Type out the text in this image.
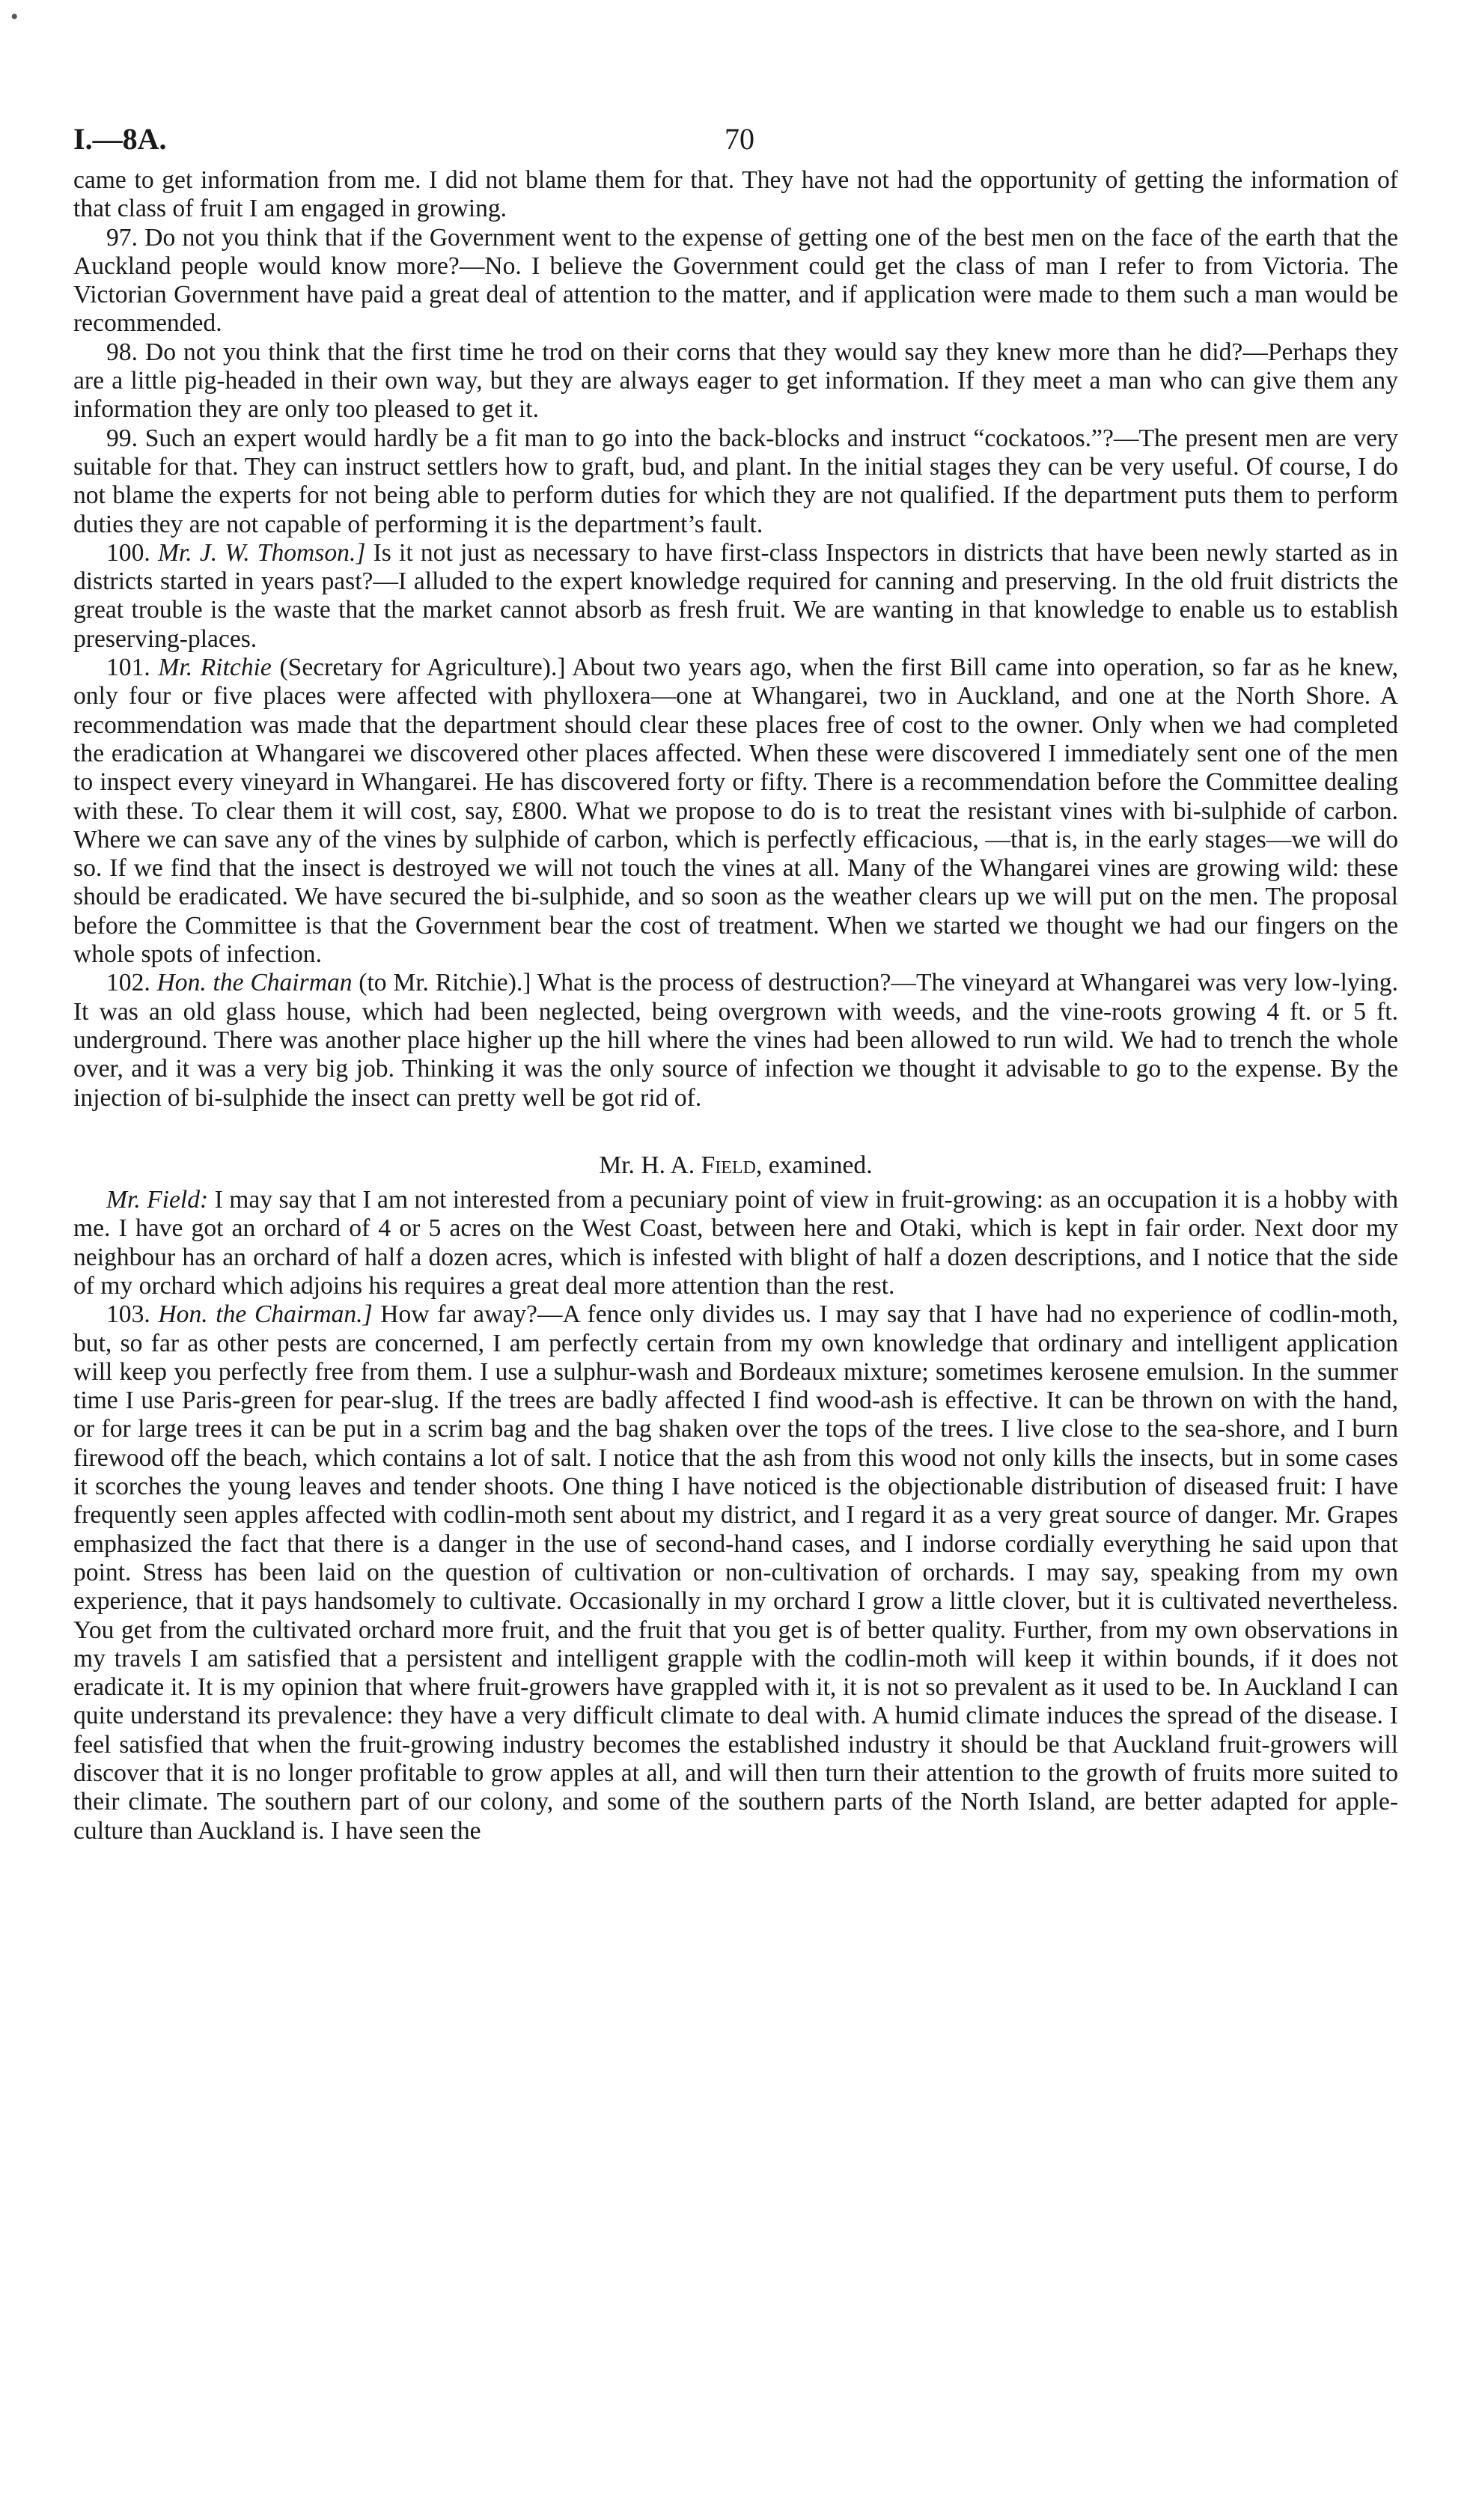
•
I.—8A.	70

came to get information from me. I did not blame them for that. They have not had the opportunity of getting the information of that class of fruit I am engaged in growing.

97. Do not you think that if the Government went to the expense of getting one of the best men on the face of the earth that the Auckland people would know more?—No. I believe the Government could get the class of man I refer to from Victoria. The Victorian Government have paid a great deal of attention to the matter, and if application were made to them such a man would be recommended.

98. Do not you think that the first time he trod on their corns that they would say they knew more than he did?—Perhaps they are a little pig-headed in their own way, but they are always eager to get information. If they meet a man who can give them any information they are only too pleased to get it.

99. Such an expert would hardly be a fit man to go into the back-blocks and instruct “cockatoos.”?—The present men are very suitable for that. They can instruct settlers how to graft, bud, and plant. In the initial stages they can be very useful. Of course, I do not blame the experts for not being able to perform duties for which they are not qualified. If the department puts them to perform duties they are not capable of performing it is the department’s fault.

100. Mr. J. W. Thomson.] Is it not just as necessary to have first-class Inspectors in districts that have been newly started as in districts started in years past?—I alluded to the expert knowledge required for canning and preserving. In the old fruit districts the great trouble is the waste that the market cannot absorb as fresh fruit. We are wanting in that knowledge to enable us to establish preserving-places.

101. Mr. Ritchie (Secretary for Agriculture).] About two years ago, when the first Bill came into operation, so far as he knew, only four or five places were affected with phylloxera—one at Whangarei, two in Auckland, and one at the North Shore. A recommendation was made that the department should clear these places free of cost to the owner. Only when we had completed the eradication at Whangarei we discovered other places affected. When these were discovered I immediately sent one of the men to inspect every vineyard in Whangarei. He has discovered forty or fifty. There is a recommendation before the Committee dealing with these. To clear them it will cost, say, £800. What we propose to do is to treat the resistant vines with bi-sulphide of carbon. Where we can save any of the vines by sulphide of carbon, which is perfectly efficacious, —that is, in the early stages—we will do so. If we find that the insect is destroyed we will not touch the vines at all. Many of the Whangarei vines are growing wild: these should be eradicated. We have secured the bi-sulphide, and so soon as the weather clears up we will put on the men. The proposal before the Committee is that the Government bear the cost of treatment. When we started we thought we had our fingers on the whole spots of infection.

102. Hon. the Chairman (to Mr. Ritchie).] What is the process of destruction?—The vineyard at Whangarei was very low-lying. It was an old glass house, which had been neglected, being overgrown with weeds, and the vine-roots growing 4 ft. or 5 ft. underground. There was another place higher up the hill where the vines had been allowed to run wild. We had to trench the whole over, and it was a very big job. Thinking it was the only source of infection we thought it advisable to go to the expense. By the injection of bi-sulphide the insect can pretty well be got rid of.

Mr. H. A. Field, examined.

Mr. Field: I may say that I am not interested from a pecuniary point of view in fruit-growing: as an occupation it is a hobby with me. I have got an orchard of 4 or 5 acres on the West Coast, between here and Otaki, which is kept in fair order. Next door my neighbour has an orchard of half a dozen acres, which is infested with blight of half a dozen descriptions, and I notice that the side of my orchard which adjoins his requires a great deal more attention than the rest.

103. Hon. the Chairman.] How far away?—A fence only divides us. I may say that I have had no experience of codlin-moth, but, so far as other pests are concerned, I am perfectly certain from my own knowledge that ordinary and intelligent application will keep you perfectly free from them. I use a sulphur-wash and Bordeaux mixture; sometimes kerosene emulsion. In the summer time I use Paris-green for pear-slug. If the trees are badly affected I find wood-ash is effective. It can be thrown on with the hand, or for large trees it can be put in a scrim bag and the bag shaken over the tops of the trees. I live close to the sea-shore, and I burn firewood off the beach, which contains a lot of salt. I notice that the ash from this wood not only kills the insects, but in some cases it scorches the young leaves and tender shoots. One thing I have noticed is the objectionable distribution of diseased fruit: I have frequently seen apples affected with codlin-moth sent about my district, and I regard it as a very great source of danger. Mr. Grapes emphasized the fact that there is a danger in the use of second-hand cases, and I indorse cordially everything he said upon that point. Stress has been laid on the question of cultivation or non-cultivation of orchards. I may say, speaking from my own experience, that it pays handsomely to cultivate. Occasionally in my orchard I grow a little clover, but it is cultivated nevertheless. You get from the cultivated orchard more fruit, and the fruit that you get is of better quality. Further, from my own observations in my travels I am satisfied that a persistent and intelligent grapple with the codlin-moth will keep it within bounds, if it does not eradicate it. It is my opinion that where fruit-growers have grappled with it, it is not so prevalent as it used to be. In Auckland I can quite understand its prevalence: they have a very difficult climate to deal with. A humid climate induces the spread of the disease. I feel satisfied that when the fruit-growing industry becomes the established industry it should be that Auckland fruit-growers will discover that it is no longer profitable to grow apples at all, and will then turn their attention to the growth of fruits more suited to their climate. The southern part of our colony, and some of the southern parts of the North Island, are better adapted for apple-culture than Auckland is. I have seen the
